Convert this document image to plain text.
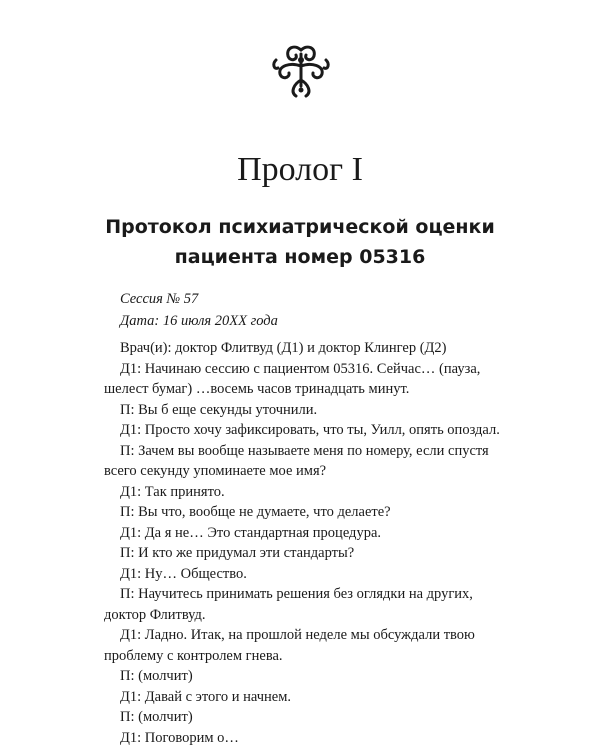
Пролог I
Протокол психиатрической оценки
пациента номер 05316
Сессия № 57
Дата: 16 июля 20XX года

Врач(и): доктор Флитвуд (Д1) и доктор Клингер (Д2)

Д1: Начинаю сессию с пациентом 05316. Сейчас… (пауза, шелест бумаг) …восемь часов тринадцать минут.

П: Вы б еще секунды уточнили.

Д1: Просто хочу зафиксировать, что ты, Уилл, опять опоздал.

П: Зачем вы вообще называете меня по номеру, если спустя всего секунду упоминаете мое имя?

Д1: Так принято.

П: Вы что, вообще не думаете, что делаете?

Д1: Да я не… Это стандартная процедура.

П: И кто же придумал эти стандарты?

Д1: Ну… Общество.

П: Научитесь принимать решения без оглядки на других, доктор Флитвуд.

Д1: Ладно. Итак, на прошлой неделе мы обсуждали твою проблему с контролем гнева.

П: (молчит)

Д1: Давай с этого и начнем.

П: (молчит)

Д1: Поговорим о…
